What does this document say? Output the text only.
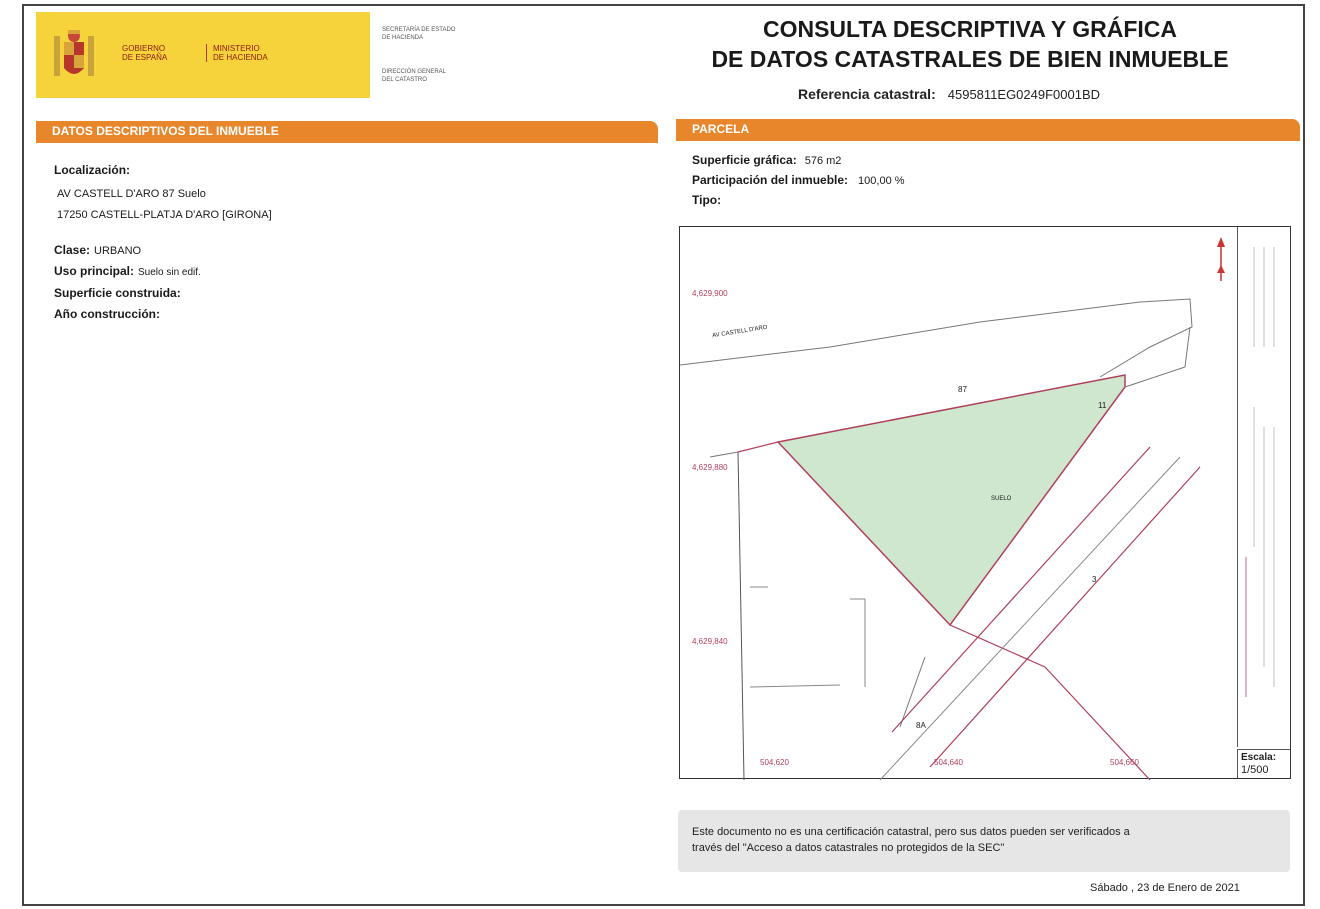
GOBIERNO
DE ESPAÑA
MINISTERIO
DE HACIENDA
SECRETARÍA DE ESTADO
DE HACIENDA
DIRECCIÓN GENERAL
DEL CATASTRO
CONSULTA DESCRIPTIVA Y GRÁFICA
DE DATOS CATASTRALES DE BIEN INMUEBLE
Referencia catastral: 4595811EG0249F0001BD
DATOS DESCRIPTIVOS DEL INMUEBLE	PARCELA
Localización:
AV CASTELL D'ARO 87 Suelo
17250 CASTELL-PLATJA D'ARO [GIRONA]
Clase: URBANO
Uso principal: Suelo sin edif.
Superficie construida:
Año construcción:
Superficie gráfica: 576 m2
Participación del inmueble: 100,00 %
Tipo:
4,629,900
4,629,880
4,629,840
504,620	504,640	504,660
AV CASTELL D'ARO
87
11
3
SUELO
8A
Escala:
1/500
Este documento no es una certificación catastral, pero sus datos pueden ser verificados a
través del "Acceso a datos catastrales no protegidos de la SEC"
Sábado , 23 de Enero de 2021
